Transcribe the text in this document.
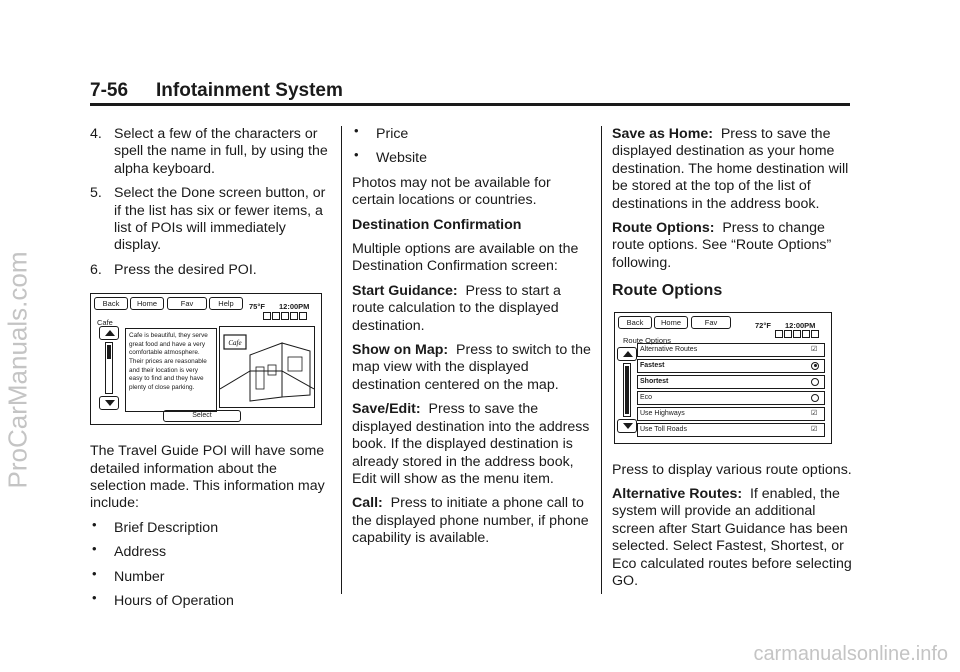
ProCarManuals.com
7-56 Infotainment System
4. Select a few of the characters or spell the name in full, by using the alpha keyboard.
5. Select the Done screen button, or if the list has six or fewer items, a list of POIs will immediately display.
6. Press the desired POI.
Back	Home	Fav	Help	75°F 12:00PM
Cafe
Cafe is beautiful, they serve great food and have a very comfortable atmosphere. Their prices are reasonable and their location is very easy to find and they have plenty of close parking.
Cafe
Select
The Travel Guide POI will have some detailed information about the selection made. This information may include:
• Brief Description
• Address
• Number
• Hours of Operation
• Price
• Website
Photos may not be available for certain locations or countries.
Destination Confirmation
Multiple options are available on the Destination Confirmation screen:
Start Guidance: Press to start a route calculation to the displayed destination.
Show on Map: Press to switch to the map view with the displayed destination centered on the map.
Save/Edit: Press to save the displayed destination into the address book. If the displayed destination is already stored in the address book, Edit will show as the menu item.
Call: Press to initiate a phone call to the displayed phone number, if phone capability is available.
Save as Home: Press to save the displayed destination as your home destination. The home destination will be stored at the top of the list of destinations in the address book.
Route Options: Press to change route options. See “Route Options” following.
Route Options
Back	Home	Fav	72°F 12:00PM
Route Options
Alternative Routes	☑
Fastest
Shortest
Eco
Use Highways	☑
Use Toll Roads	☑
Press to display various route options.
Alternative Routes: If enabled, the system will provide an additional screen after Start Guidance has been selected. Select Fastest, Shortest, or Eco calculated routes before selecting GO.
carmanualsonline.info
